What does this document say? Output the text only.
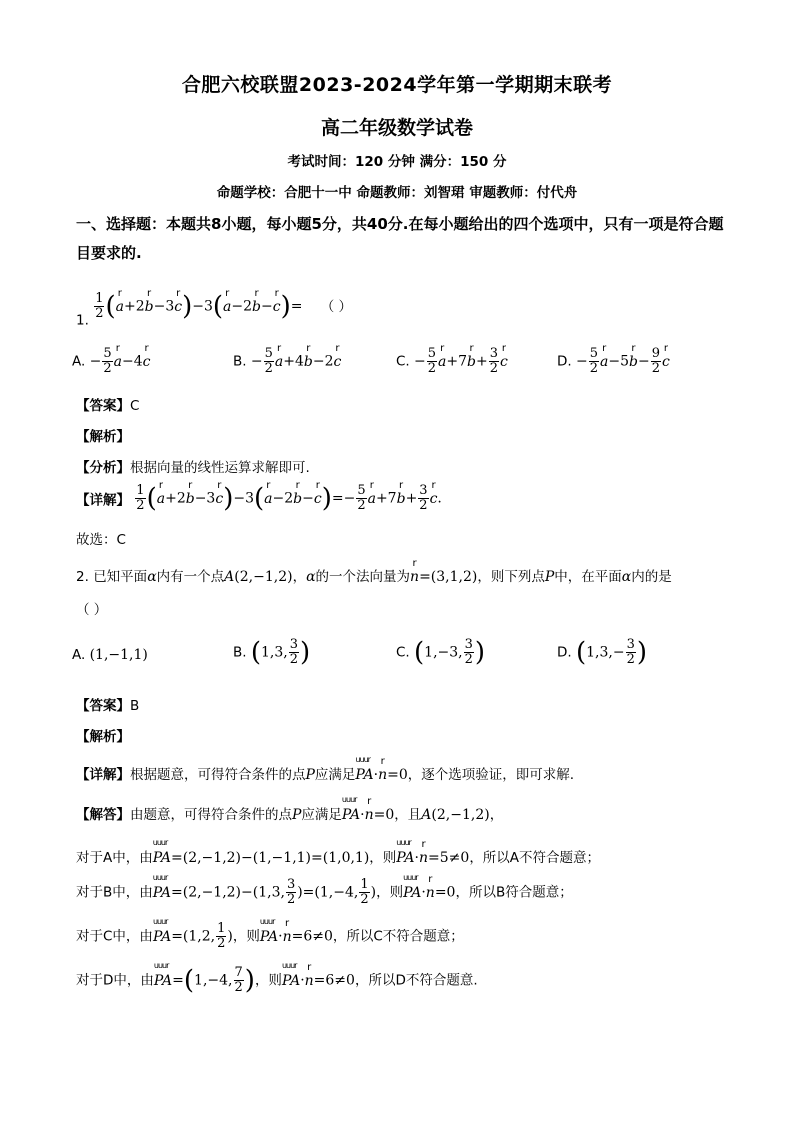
合肥六校联盟2023-2024学年第一学期期末联考
高二年级数学试卷
考试时间：120 分钟 满分：150 分
命题学校：合肥十一中 命题教师：刘智珺 审题教师：付代舟
一、选择题：本题共8小题，每小题5分，共40分.在每小题给出的四个选项中，只有一项是符合题目要求的.
1. $\frac{1}{2} (r$ a+2r b−3r c)−3(r a−2r b−r c)= （ ）
A. − $\frac{5}{2}$ r a−4r c	B. − $\frac{5}{2}$ r a+4r b−2r c	C. − $\frac{5}{2}$ r a+7r $b+ \frac{3}{2}$ r c	D. − $\frac{5}{2}$ r a−5r $b- \frac{9}{2}$ r c
【答案】C
【解析】
【分析】根据向量的线性运算求解即可.
【详解】 $\frac{1}{2} (r$ a+2r b−3r c)−3(r a−2r b−r $c)=- \frac{5}{2}$ r a+7r $b+ \frac{3}{2}$ r c.
故选：C
2. 已知平面α内有一个点A(2,−1,2)，α的一个法向量为r n=(3,1,2)，则下列点P中，在平面α内的是
（ ）
A. (1,−1,1)	B. (1,3, $\frac{3}{2}$ )	C. (1,−3, $\frac{3}{2}$ )	D. ($1,3,- \frac{3}{2}$ )
【答案】B
【解析】
【详解】根据题意，可得符合条件的点P应满足uuur PA·r n=0，逐个选项验证，即可求解.
【解答】由题意，可得符合条件的点P应满足uuur PA·r n=0，且A(2,−1,2)，
对于A中，由uuur PA=(2,−1,2)−(1,−1,1)=(1,0,1)，则uuur PA·r n=5≠0，所以A不符合题意；
对于B中，由uuur PA=(2,−1,2)−(1,3, $\frac{3}{2} )=(1,-4$, $\frac{1}{2}$ )，则uuur PA·r n=0，所以B符合题意；
对于C中，由uuur PA=(1,2, $\frac{1}{2}$ )，则uuur PA·r n=6≠0，所以C不符合题意；
对于D中，由uuur PA=(1,−4, $\frac{7}{2}$ )，则uuur PA·r n=6≠0，所以D不符合题意.
